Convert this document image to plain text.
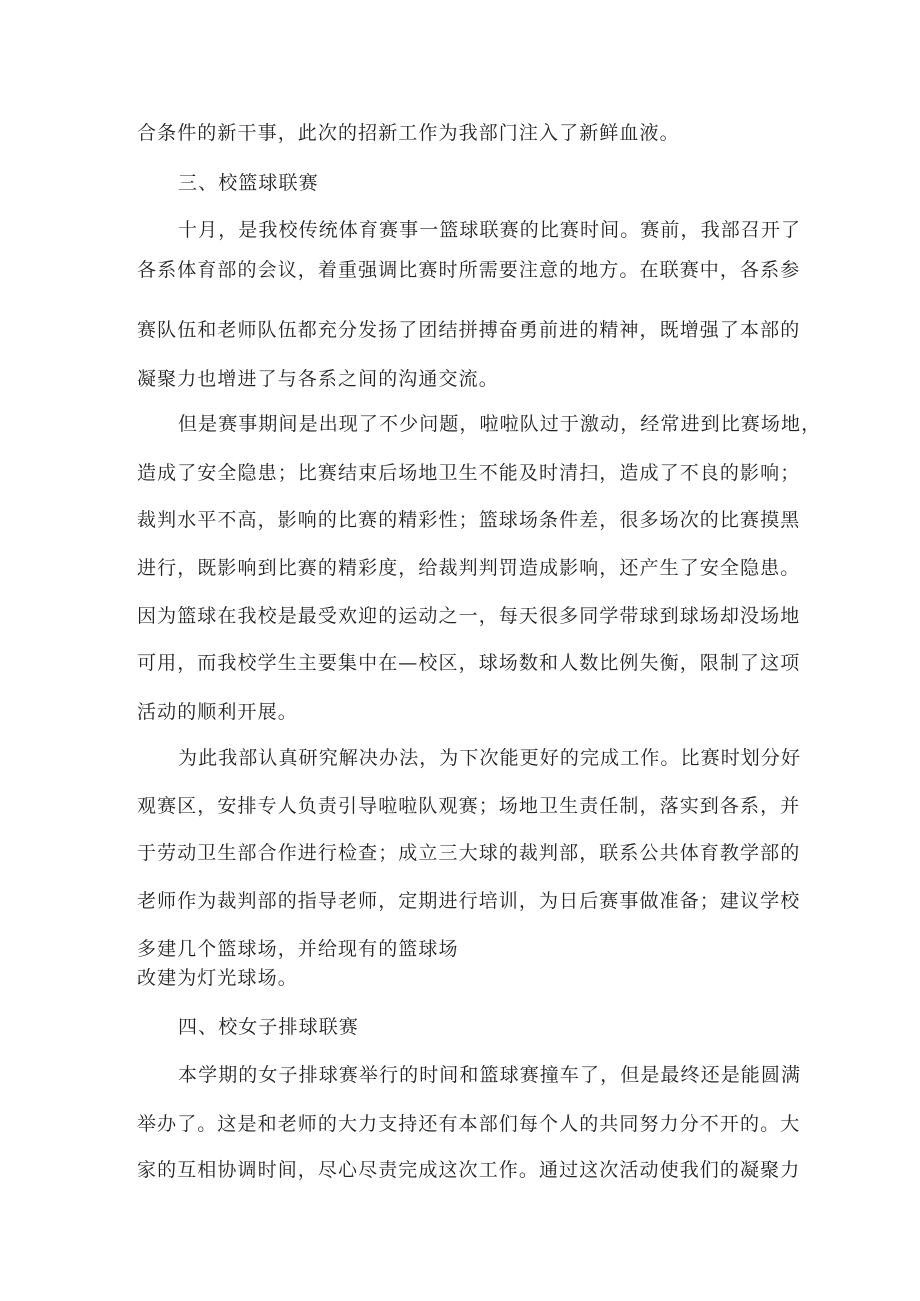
合条件的新干事，此次的招新工作为我部门注入了新鲜血液。
三、校篮球联赛
十月，是我校传统体育赛事一篮球联赛的比赛时间。赛前，我部召开了
各系体育部的会议，着重强调比赛时所需要注意的地方。在联赛中，各系参
赛队伍和老师队伍都充分发扬了团结拼搏奋勇前进的精神，既增强了本部的
凝聚力也增进了与各系之间的沟通交流。
但是赛事期间是出现了不少问题，啦啦队过于激动，经常进到比赛场地，
造成了安全隐患；比赛结束后场地卫生不能及时清扫，造成了不良的影响；
裁判水平不高，影响的比赛的精彩性；篮球场条件差，很多场次的比赛摸黑
进行，既影响到比赛的精彩度，给裁判判罚造成影响，还产生了安全隐患。
因为篮球在我校是最受欢迎的运动之一，每天很多同学带球到球场却没场地
可用，而我校学生主要集中在—校区，球场数和人数比例失衡，限制了这项
活动的顺利开展。
为此我部认真研究解决办法，为下次能更好的完成工作。比赛时划分好
观赛区，安排专人负责引导啦啦队观赛；场地卫生责任制，落实到各系，并
于劳动卫生部合作进行检查；成立三大球的裁判部，联系公共体育教学部的
老师作为裁判部的指导老师，定期进行培训，为日后赛事做准备；建议学校
多建几个篮球场，并给现有的篮球场
改建为灯光球场。
四、校女子排球联赛
本学期的女子排球赛举行的时间和篮球赛撞车了，但是最终还是能圆满
举办了。这是和老师的大力支持还有本部们每个人的共同努力分不开的。大
家的互相协调时间，尽心尽责完成这次工作。通过这次活动使我们的凝聚力
